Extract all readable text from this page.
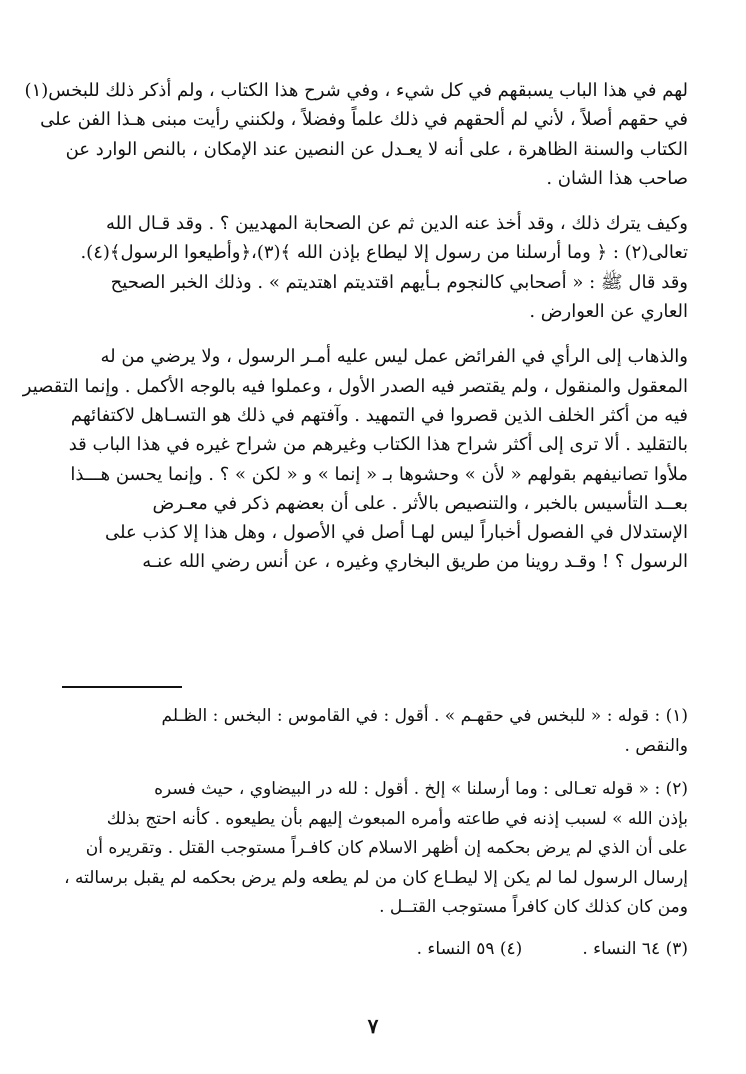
لهم في هذا الباب يسبقهم في كل شيء ، وفي شرح هذا الكتاب ، ولم أذكر ذلك للبخس(١)
في حقهم أصلاً ، لأني لم ألحقهم في ذلك علماً وفضلاً ، ولكنني رأيت مبنى هـذا الفن على
الكتاب والسنة الظاهرة ، على أنه لا يعـدل عن النصين عند الإمكان ، بالنص الوارد عن
صاحب هذا الشان .

وكيف يترك ذلك ، وقد أخذ عنه الدين ثم عن الصحابة المهديين ؟ . وقد قـال الله
تعالى(٢) : ﴿ وما أرسلنا من رسول إلا ليطاع بإذن الله ﴾(٣)،﴿وأطيعوا الرسول﴾(٤).
وقد قال ﷺ : « أصحابي كالنجوم بـأيهم اقتديتم اهتديتم » . وذلك الخبر الصحيح
العاري عن العوارض .

والذهاب إلى الرأي في الفرائض عمل ليس عليه أمـر الرسول ، ولا يرضي من له
المعقول والمنقول ، ولم يقتصر فيه الصدر الأول ، وعملوا فيه بالوجه الأكمل . وإنما التقصير
فيه من أكثر الخلف الذين قصروا في التمهيد . وآفتهم في ذلك هو التسـاهل لاكتفائهم
بالتقليد . ألا ترى إلى أكثر شراح هذا الكتاب وغيرهم من شراح غيره في هذا الباب قد
ملأوا تصانيفهم بقولهم « لأن » وحشوها بـ « إنما » و « لكن » ؟ . وإنما يحسن هـــذا
بعــد التأسيس بالخبر ، والتنصيص بالأثر . على أن بعضهم ذكر في معـرض
الإستدلال في الفصول أخباراً ليس لهـا أصل في الأصول ، وهل هذا إلا كذب على
الرسول ؟ ! وقـد روينا من طريق البخاري وغيره ، عن أنس رضي الله عنـه

(١) : قوله : « للبخس في حقهـم » . أقول : في القاموس : البخس : الظـلم
والنقص .
(٢) : « قوله تعـالى : وما أرسلنا » إلخ . أقول : لله در البيضاوي ، حيث فسره
بإذن الله » لسبب إذنه في طاعته وأمره المبعوث إليهم بأن يطيعوه . كأنه احتج بذلك
على أن الذي لم يرض بحكمه إن أظهر الاسلام كان كافـراً مستوجب القتل . وتقريره أن
إرسال الرسول لما لم يكن إلا ليطـاع كان من لم يطعه ولم يرض بحكمه لم يقبل برسالته ،
ومن كان كذلك كان كافراً مستوجب القتــل .
(٣) ٦٤ النساء .
(٤) ٥٩ النساء .
٧
